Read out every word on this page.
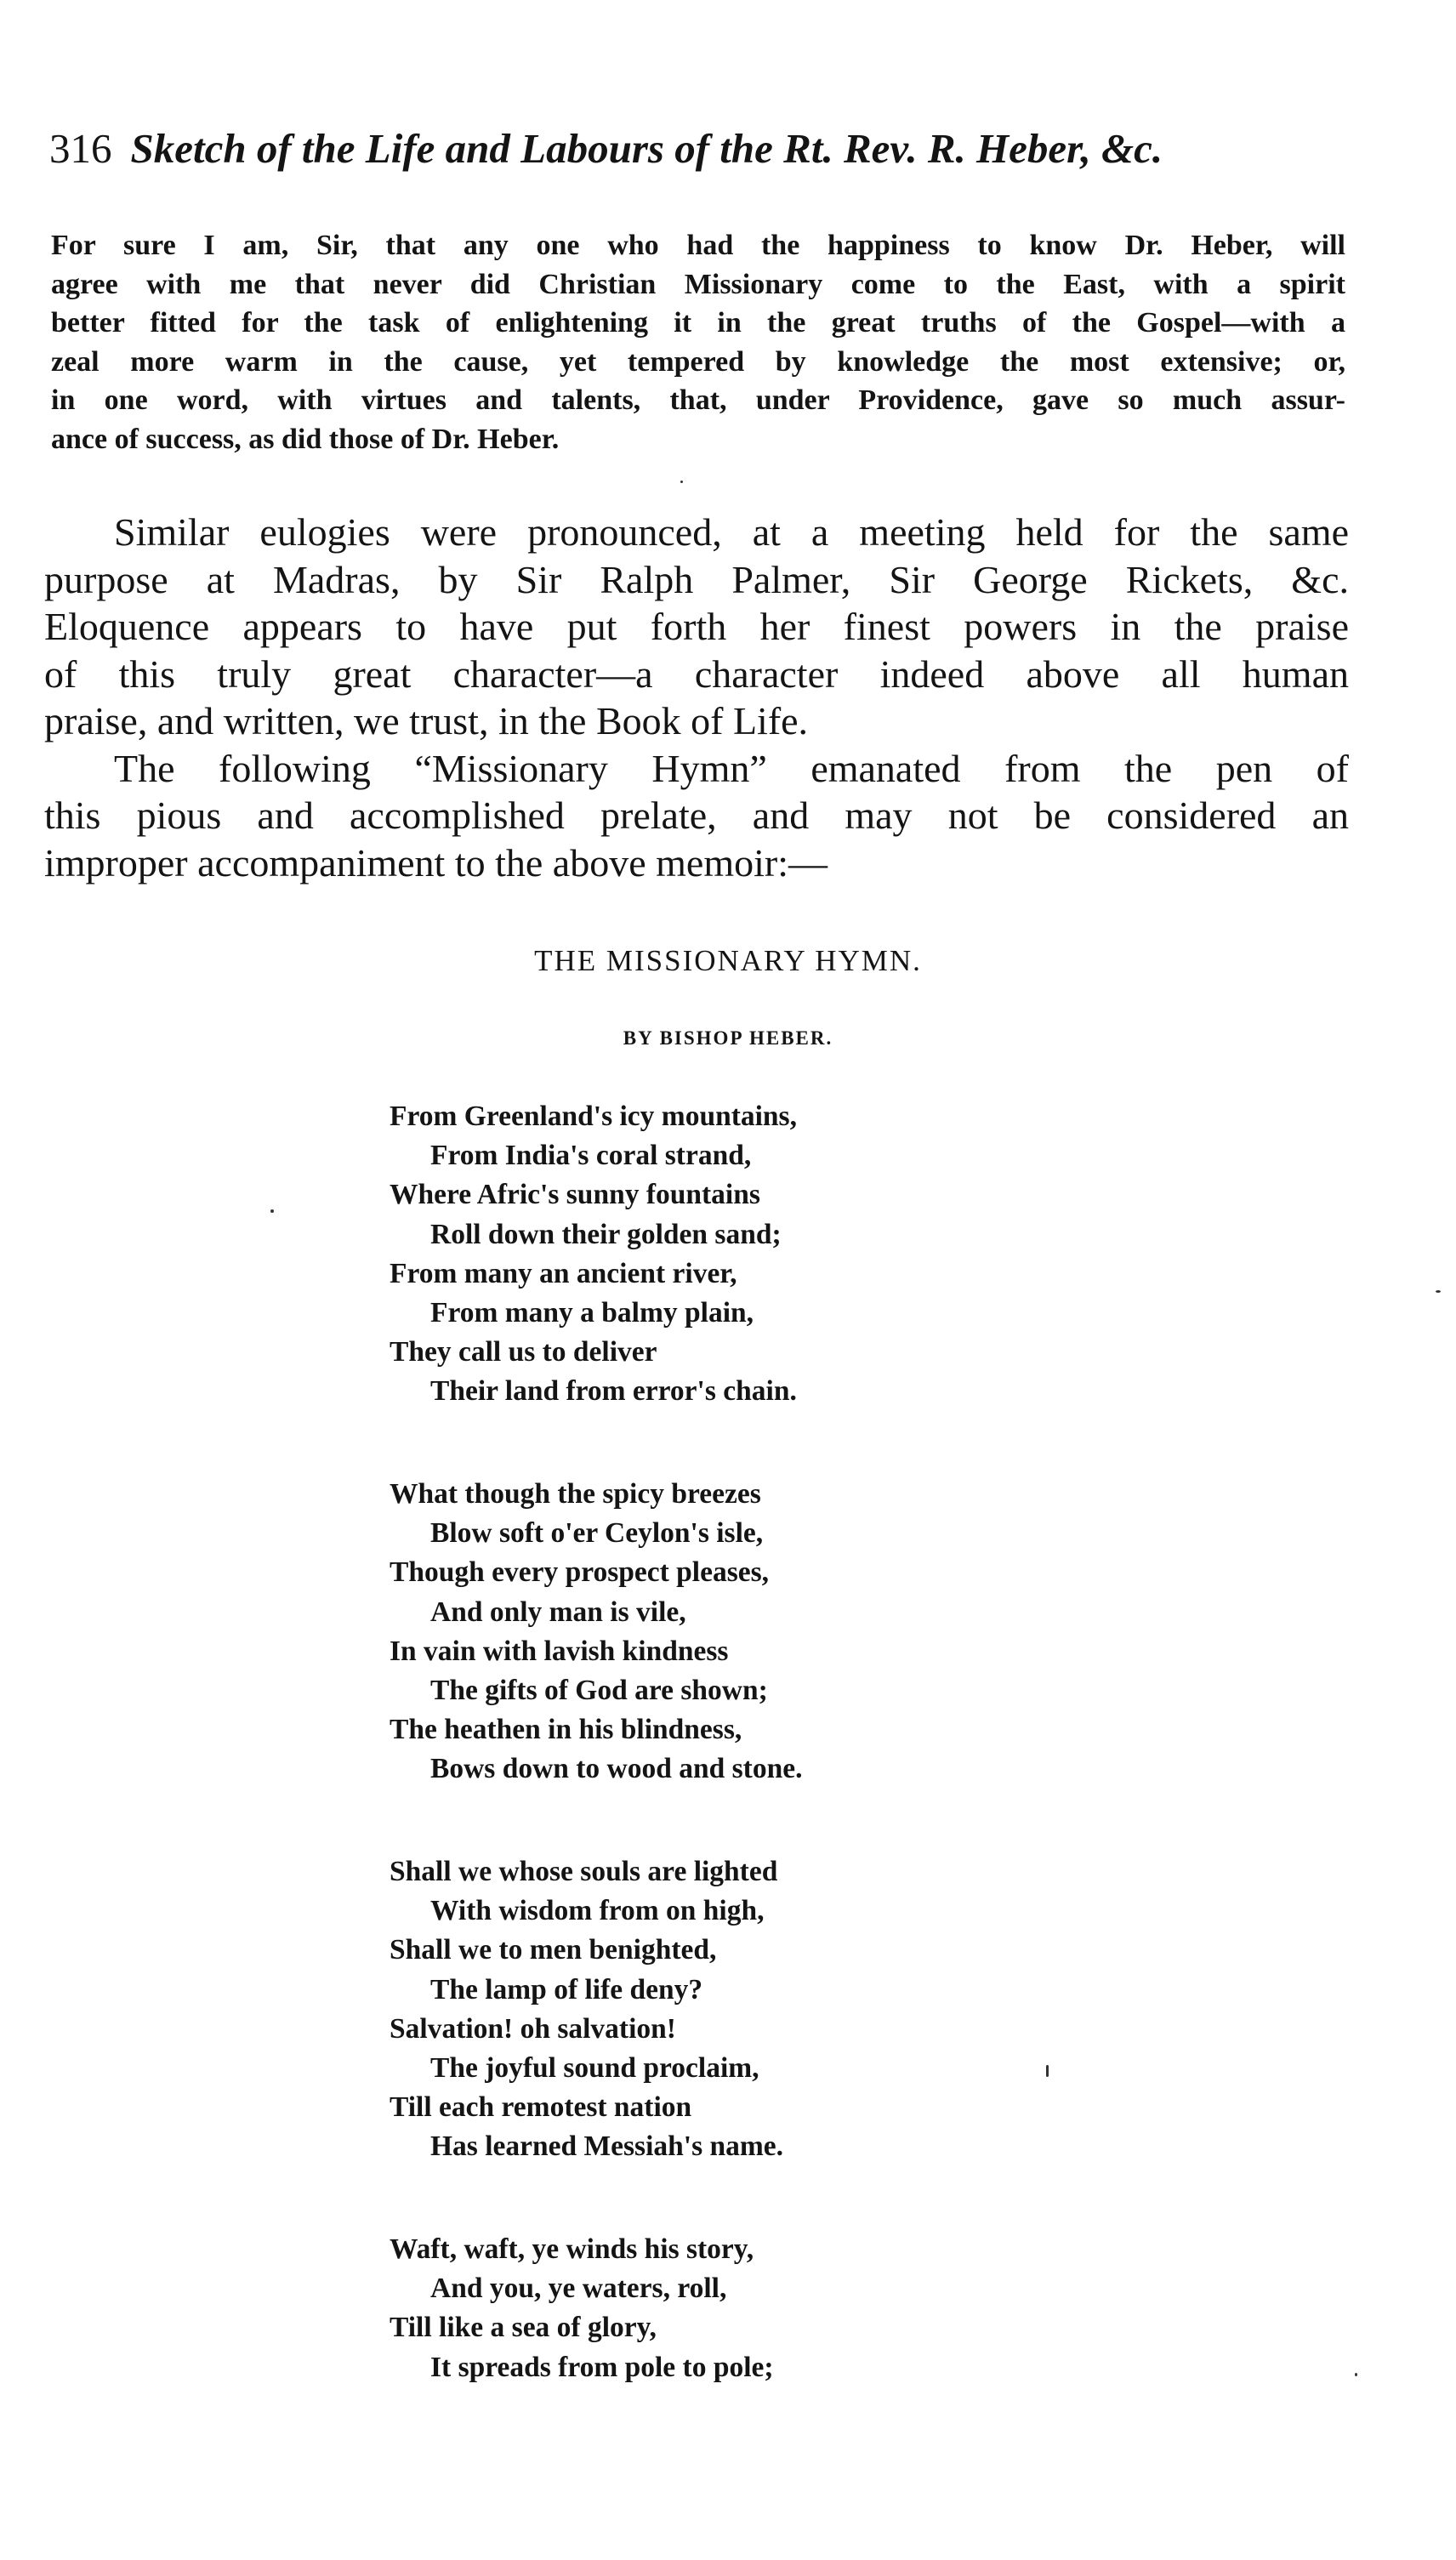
316 Sketch of the Life and Labours of the Rt. Rev. R. Heber, &c.
For sure I am, Sir, that any one who had the happiness to know Dr. Heber, will
agree with me that never did Christian Missionary come to the East, with a spirit
better fitted for the task of enlightening it in the great truths of the Gospel—with a
zeal more warm in the cause, yet tempered by knowledge the most extensive; or,
in one word, with virtues and talents, that, under Providence, gave so much assur-
ance of success, as did those of Dr. Heber.
Similar eulogies were pronounced, at a meeting held for the same
purpose at Madras, by Sir Ralph Palmer, Sir George Rickets, &c.
Eloquence appears to have put forth her finest powers in the praise
of this truly great character—a character indeed above all human
praise, and written, we trust, in the Book of Life.
The following “Missionary Hymn” emanated from the pen of
this pious and accomplished prelate, and may not be considered an
improper accompaniment to the above memoir:—
THE MISSIONARY HYMN.
BY BISHOP HEBER.
From Greenland's icy mountains,
From India's coral strand,
Where Afric's sunny fountains
Roll down their golden sand;
From many an ancient river,
From many a balmy plain,
They call us to deliver
Their land from error's chain.
What though the spicy breezes
Blow soft o'er Ceylon's isle,
Though every prospect pleases,
And only man is vile,
In vain with lavish kindness
The gifts of God are shown;
The heathen in his blindness,
Bows down to wood and stone.
Shall we whose souls are lighted
With wisdom from on high,
Shall we to men benighted,
The lamp of life deny?
Salvation! oh salvation!
The joyful sound proclaim,
Till each remotest nation
Has learned Messiah's name.
Waft, waft, ye winds his story,
And you, ye waters, roll,
Till like a sea of glory,
It spreads from pole to pole;
